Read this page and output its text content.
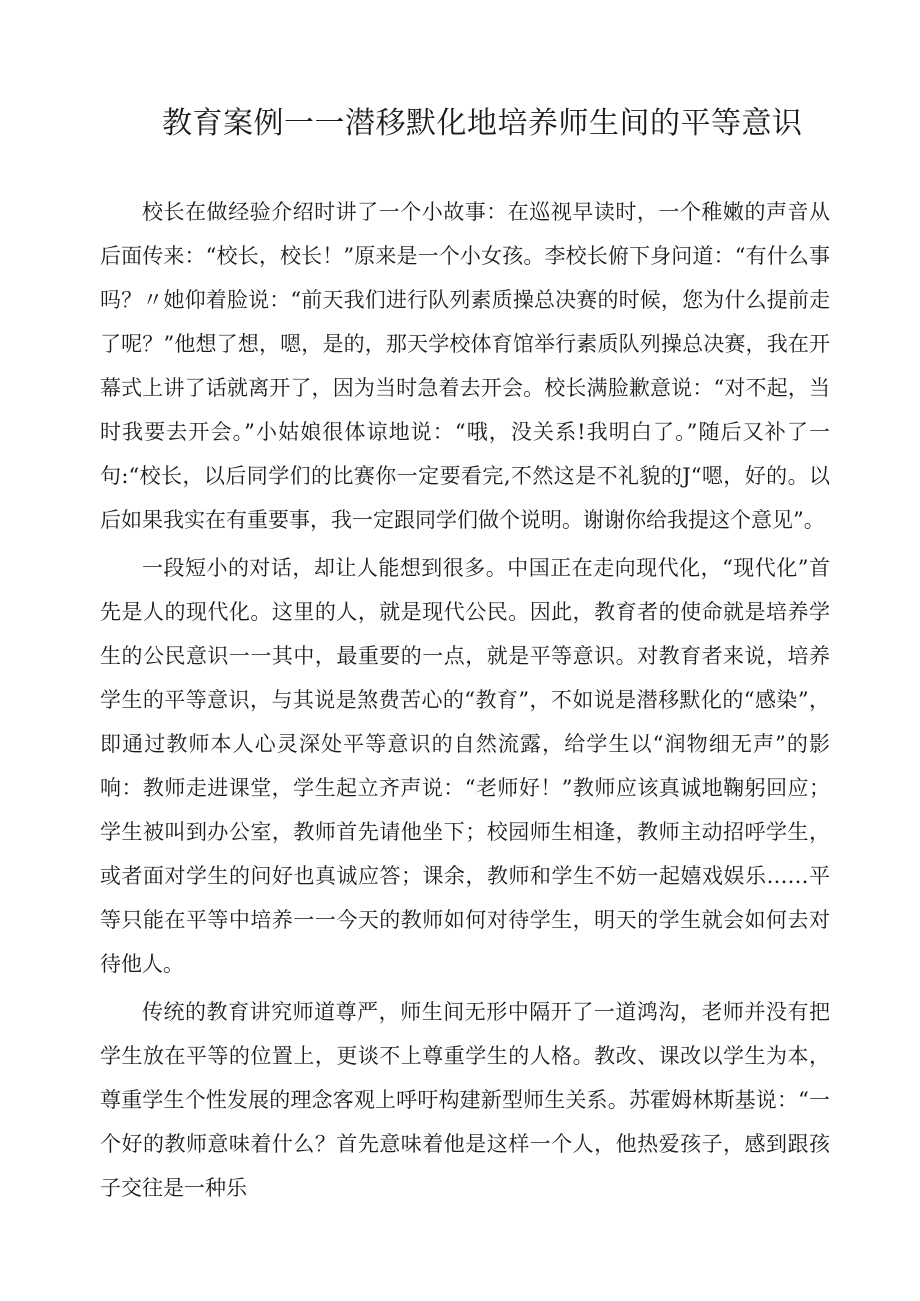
教育案例一一潜移默化地培养师生间的平等意识

校长在做经验介绍时讲了一个小故事：在巡视早读时，一个稚嫩的声音从后面传来：“校长，校长！”原来是一个小女孩。李校长俯下身问道：“有什么事吗？〃她仰着脸说：“前天我们进行队列素质操总决赛的时候，您为什么提前走了呢？”他想了想，嗯，是的，那天学校体育馆举行素质队列操总决赛，我在开幕式上讲了话就离开了，因为当时急着去开会。校长满脸歉意说：“对不起，当时我要去开会。”小姑娘很体谅地说：“哦，没关系!我明白了。”随后又补了一句:“校长，以后同学们的比赛你一定要看完,不然这是不礼貌的J“嗯，好的。以后如果我实在有重要事，我一定跟同学们做个说明。谢谢你给我提这个意见”。

一段短小的对话，却让人能想到很多。中国正在走向现代化，“现代化”首先是人的现代化。这里的人，就是现代公民。因此，教育者的使命就是培养学生的公民意识一一其中，最重要的一点，就是平等意识。对教育者来说，培养学生的平等意识，与其说是煞费苦心的“教育”，不如说是潜移默化的“感染”，即通过教师本人心灵深处平等意识的自然流露，给学生以“润物细无声”的影响：教师走进课堂，学生起立齐声说：“老师好！”教师应该真诚地鞠躬回应；学生被叫到办公室，教师首先请他坐下；校园师生相逢，教师主动招呼学生，或者面对学生的问好也真诚应答；课余，教师和学生不妨一起嬉戏娱乐……平等只能在平等中培养一一今天的教师如何对待学生，明天的学生就会如何去对待他人。

传统的教育讲究师道尊严，师生间无形中隔开了一道鸿沟，老师并没有把学生放在平等的位置上，更谈不上尊重学生的人格。教改、课改以学生为本，尊重学生个性发展的理念客观上呼吁构建新型师生关系。苏霍姆林斯基说：“一个好的教师意味着什么？首先意味着他是这样一个人，他热爱孩子，感到跟孩子交往是一种乐
